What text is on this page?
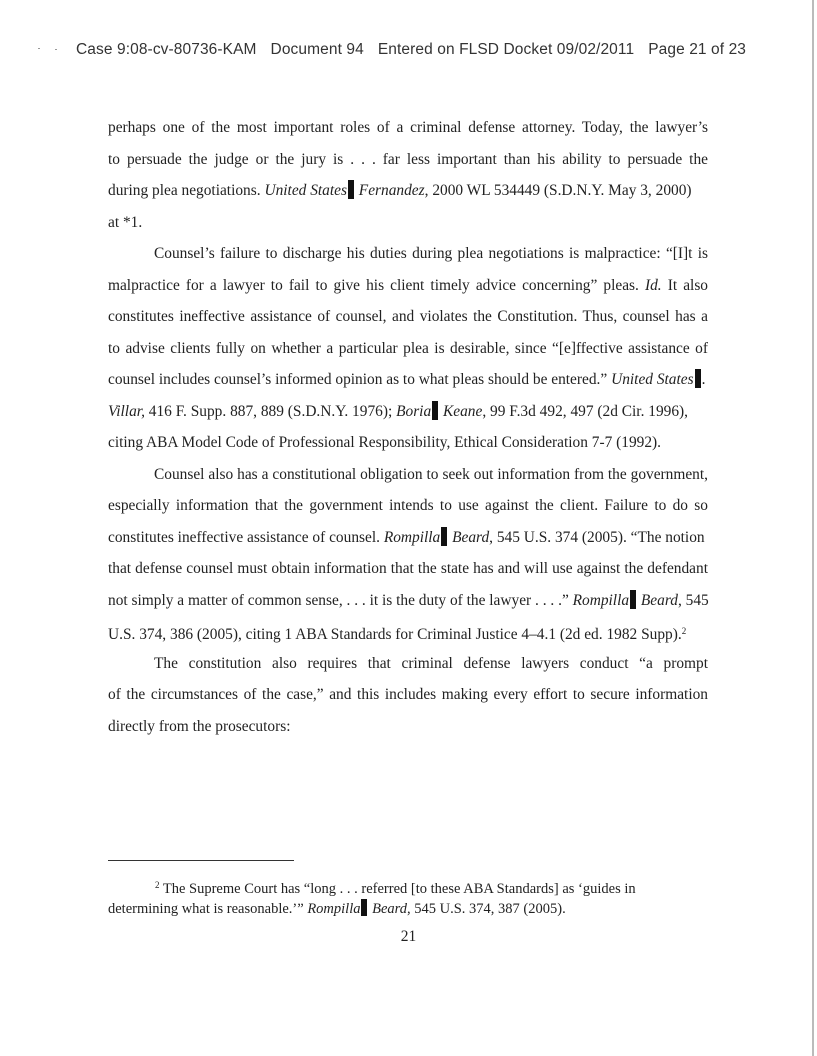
Case 9:08-cv-80736-KAM Document 94 Entered on FLSD Docket 09/02/2011 Page 21 of 23
perhaps one of the most important roles of a criminal defense attorney. Today, the lawyer’s
to persuade the judge or the jury is . . . far less important than his ability to persuade the
during plea negotiations. United States Fernandez, 2000 WL 534449 (S.D.N.Y. May 3, 2000)
at *1.
Counsel’s failure to discharge his duties during plea negotiations is malpractice: “[I]t is
malpractice for a lawyer to fail to give his client timely advice concerning” pleas. Id. It also
constitutes ineffective assistance of counsel, and violates the Constitution. Thus, counsel has a
to advise clients fully on whether a particular plea is desirable, since “[e]ffective assistance of
counsel includes counsel’s informed opinion as to what pleas should be entered.” United States .
Villar, 416 F. Supp. 887, 889 (S.D.N.Y. 1976); Boria Keane, 99 F.3d 492, 497 (2d Cir. 1996),
citing ABA Model Code of Professional Responsibility, Ethical Consideration 7-7 (1992).
Counsel also has a constitutional obligation to seek out information from the government,
especially information that the government intends to use against the client. Failure to do so
constitutes ineffective assistance of counsel. Rompilla Beard, 545 U.S. 374 (2005). “The notion
that defense counsel must obtain information that the state has and will use against the defendant
not simply a matter of common sense, . . . it is the duty of the lawyer . . . .” Rompilla Beard, 545
U.S. 374, 386 (2005), citing 1 ABA Standards for Criminal Justice 4–4.1 (2d ed. 1982 Supp).$^2$
The constitution also requires that criminal defense lawyers conduct “a prompt
of the circumstances of the case,” and this includes making every effort to secure information
directly from the prosecutors:
$^2$ The Supreme Court has “long . . . referred [to these ABA Standards] as ‘guides in
determining what is reasonable.’” Rompilla Beard, 545 U.S. 374, 387 (2005).
21
